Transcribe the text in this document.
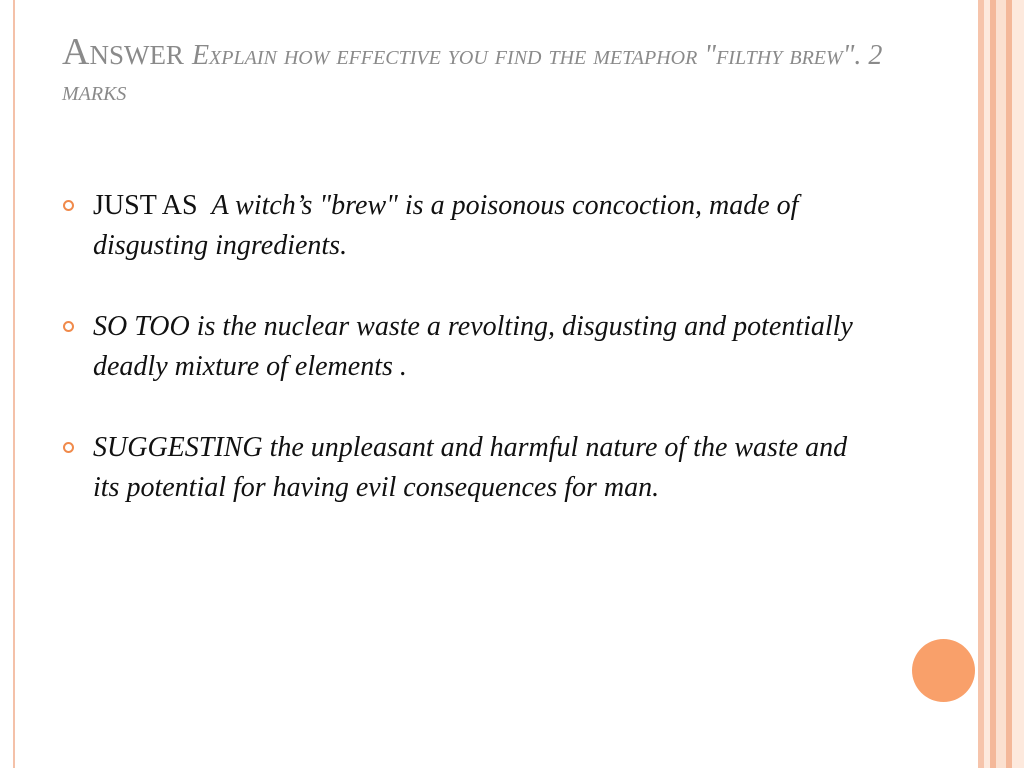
Answer Explain how effective you find the metaphor "filthy brew". 2 marks
JUST AS A witch’s "brew" is a poisonous concoction, made of disgusting ingredients.
SO TOO is the nuclear waste a revolting, disgusting and potentially deadly mixture of elements .
SUGGESTING the unpleasant and harmful nature of the waste and its potential for having evil consequences for man.
